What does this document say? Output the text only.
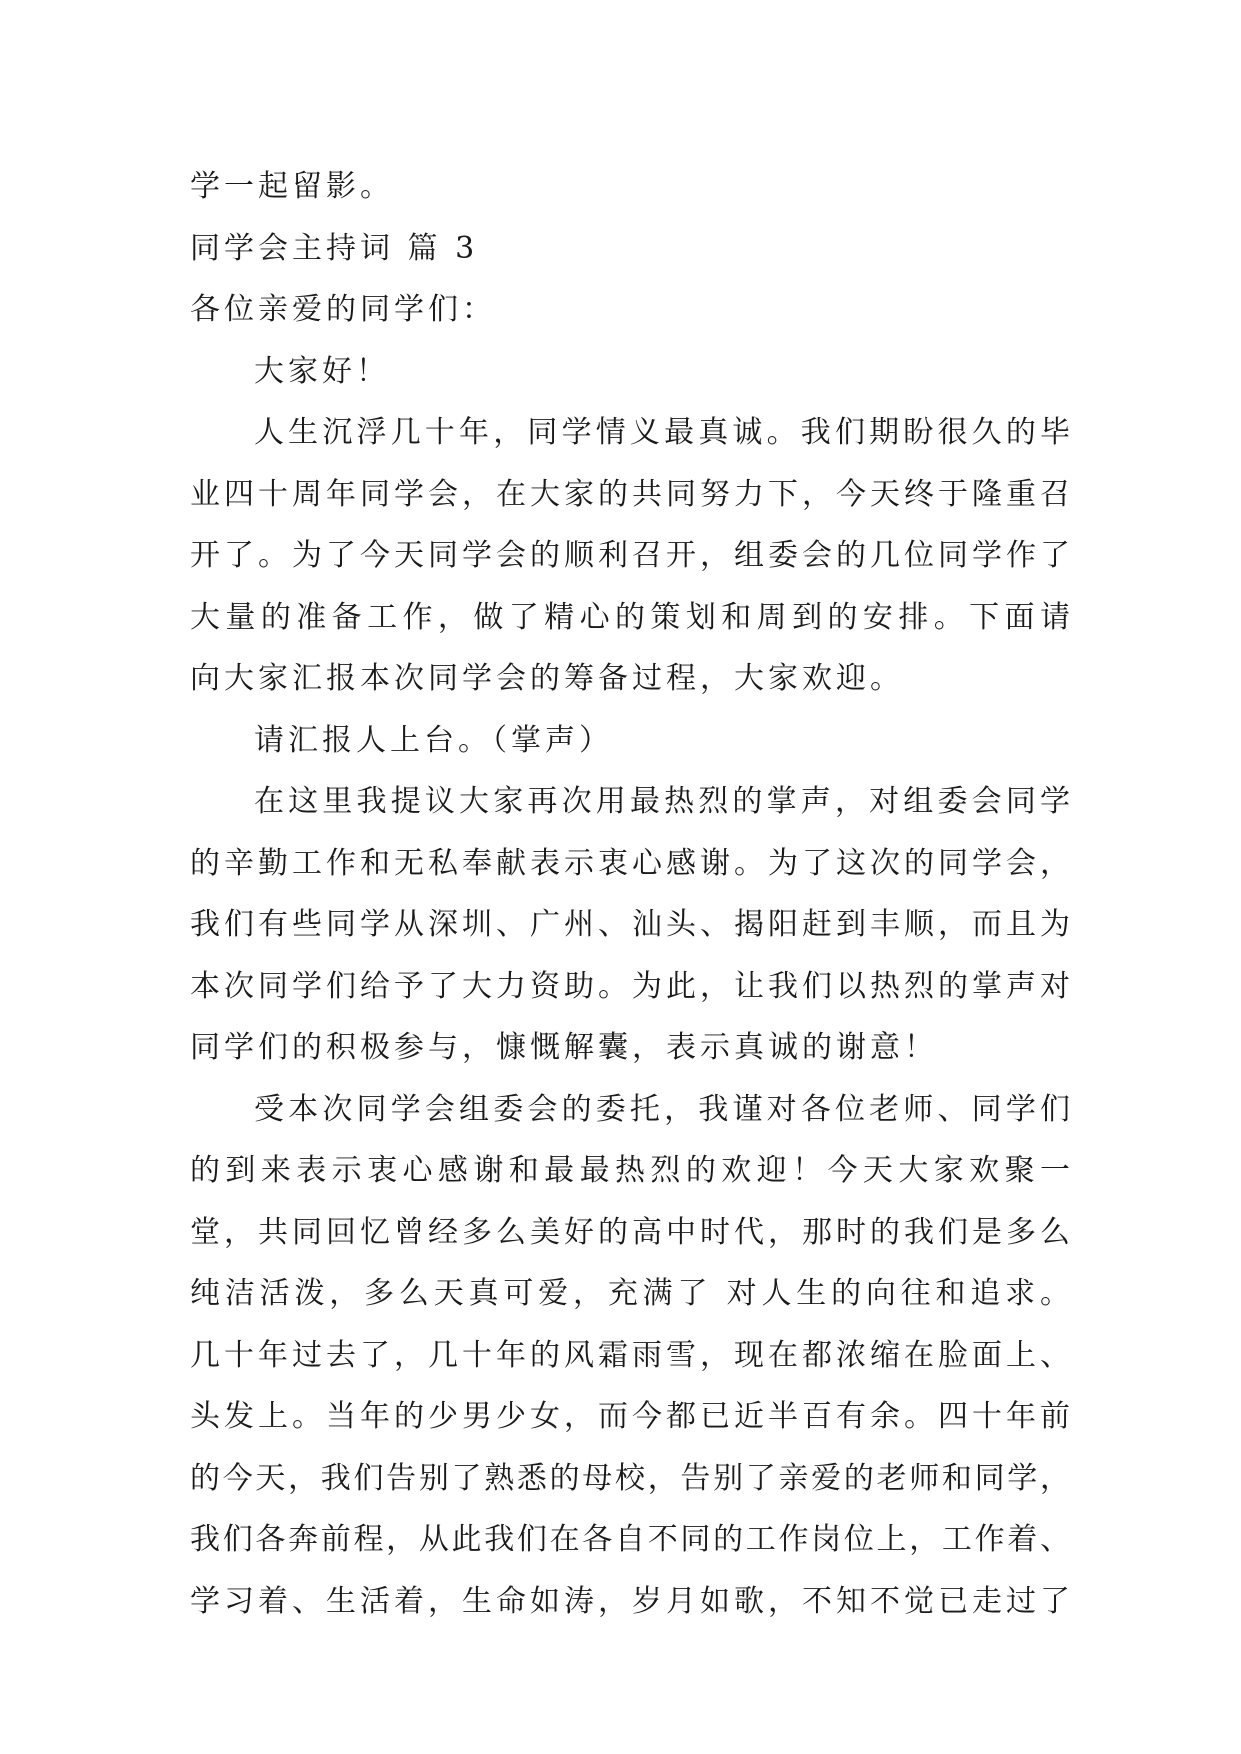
学一起留影。
同学会主持词 篇 3
各位亲爱的同学们：
大家好！
人生沉浮几十年，同学情义最真诚。我们期盼很久的毕
业四十周年同学会，在大家的共同努力下，今天终于隆重召
开了。为了今天同学会的顺利召开，组委会的几位同学作了
大量的准备工作，做了精心的策划和周到的安排。下面请
向大家汇报本次同学会的筹备过程，大家欢迎。
请汇报人上台。（掌声）
在这里我提议大家再次用最热烈的掌声，对组委会同学
的辛勤工作和无私奉献表示衷心感谢。为了这次的同学会，
我们有些同学从深圳、广州、汕头、揭阳赶到丰顺，而且为
本次同学们给予了大力资助。为此，让我们以热烈的掌声对
同学们的积极参与，慷慨解囊，表示真诚的谢意！
受本次同学会组委会的委托，我谨对各位老师、同学们
的到来表示衷心感谢和最最热烈的欢迎！今天大家欢聚一
堂，共同回忆曾经多么美好的高中时代，那时的我们是多么
纯洁活泼，多么天真可爱，充满了 对人生的向往和追求。
几十年过去了，几十年的风霜雨雪，现在都浓缩在脸面上、
头发上。当年的少男少女，而今都已近半百有余。四十年前
的今天，我们告别了熟悉的母校，告别了亲爱的老师和同学，
我们各奔前程，从此我们在各自不同的工作岗位上，工作着、
学习着、生活着，生命如涛，岁月如歌，不知不觉已走过了
